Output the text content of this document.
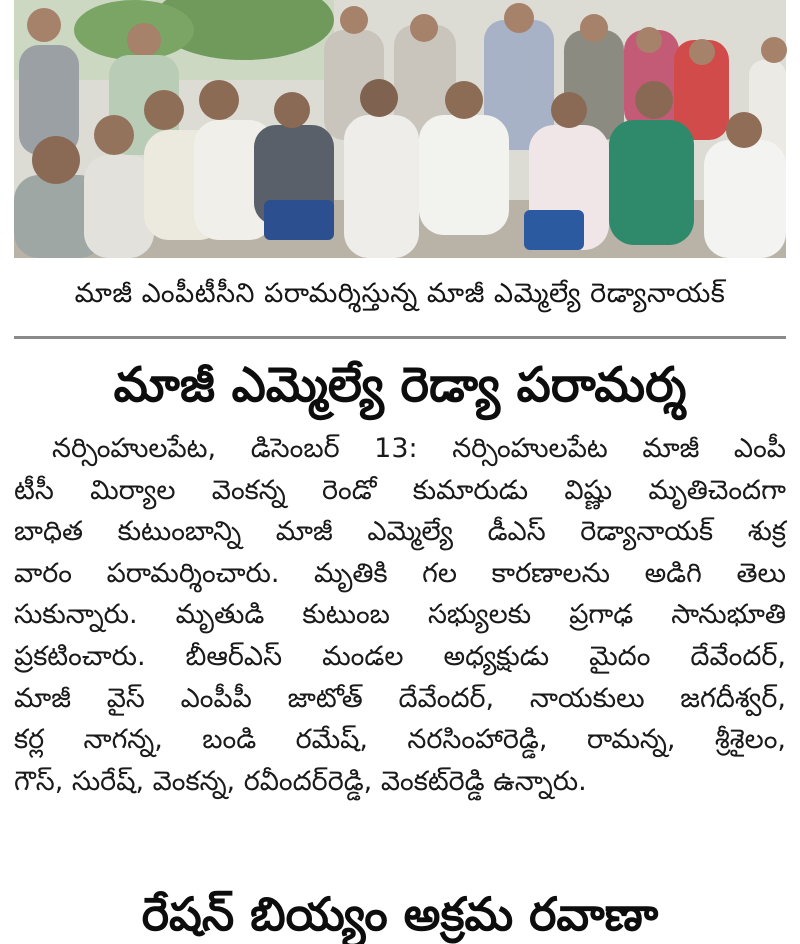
మాజీ ఎంపీటీసీని పరామర్శిస్తున్న మాజీ ఎమ్మెల్యే రెడ్యానాయక్
మాజీ ఎమ్మెల్యే రెడ్యా పరామర్శ
నర్సింహులపేట, డిసెంబర్ 13: నర్సింహులపేట మాజీ ఎంపీ
టీసీ మిర్యాల వెంకన్న రెండో కుమారుడు విష్ణు మృతిచెందగా
బాధిత కుటుంబాన్ని మాజీ ఎమ్మెల్యే డీఎస్ రెడ్యానాయక్ శుక్ర
వారం పరామర్శించారు. మృతికి గల కారణాలను అడిగి తెలు
సుకున్నారు. మృతుడి కుటుంబ సభ్యులకు ప్రగాఢ సానుభూతి
ప్రకటించారు. బీఆర్ఎస్ మండల అధ్యక్షుడు మైదం దేవేందర్,
మాజీ వైస్ ఎంపీపీ జాటోత్ దేవేందర్, నాయకులు జగదీశ్వర్,
కర్ల నాగన్న, బండి రమేష్, నరసింహారెడ్డి, రామన్న, శ్రీశైలం,
గౌస్, సురేష్, వెంకన్న, రవీందర్‌రెడ్డి, వెంకట్‌రెడ్డి ఉన్నారు.
రేషన్ బియ్యం అక్రమ రవాణా
